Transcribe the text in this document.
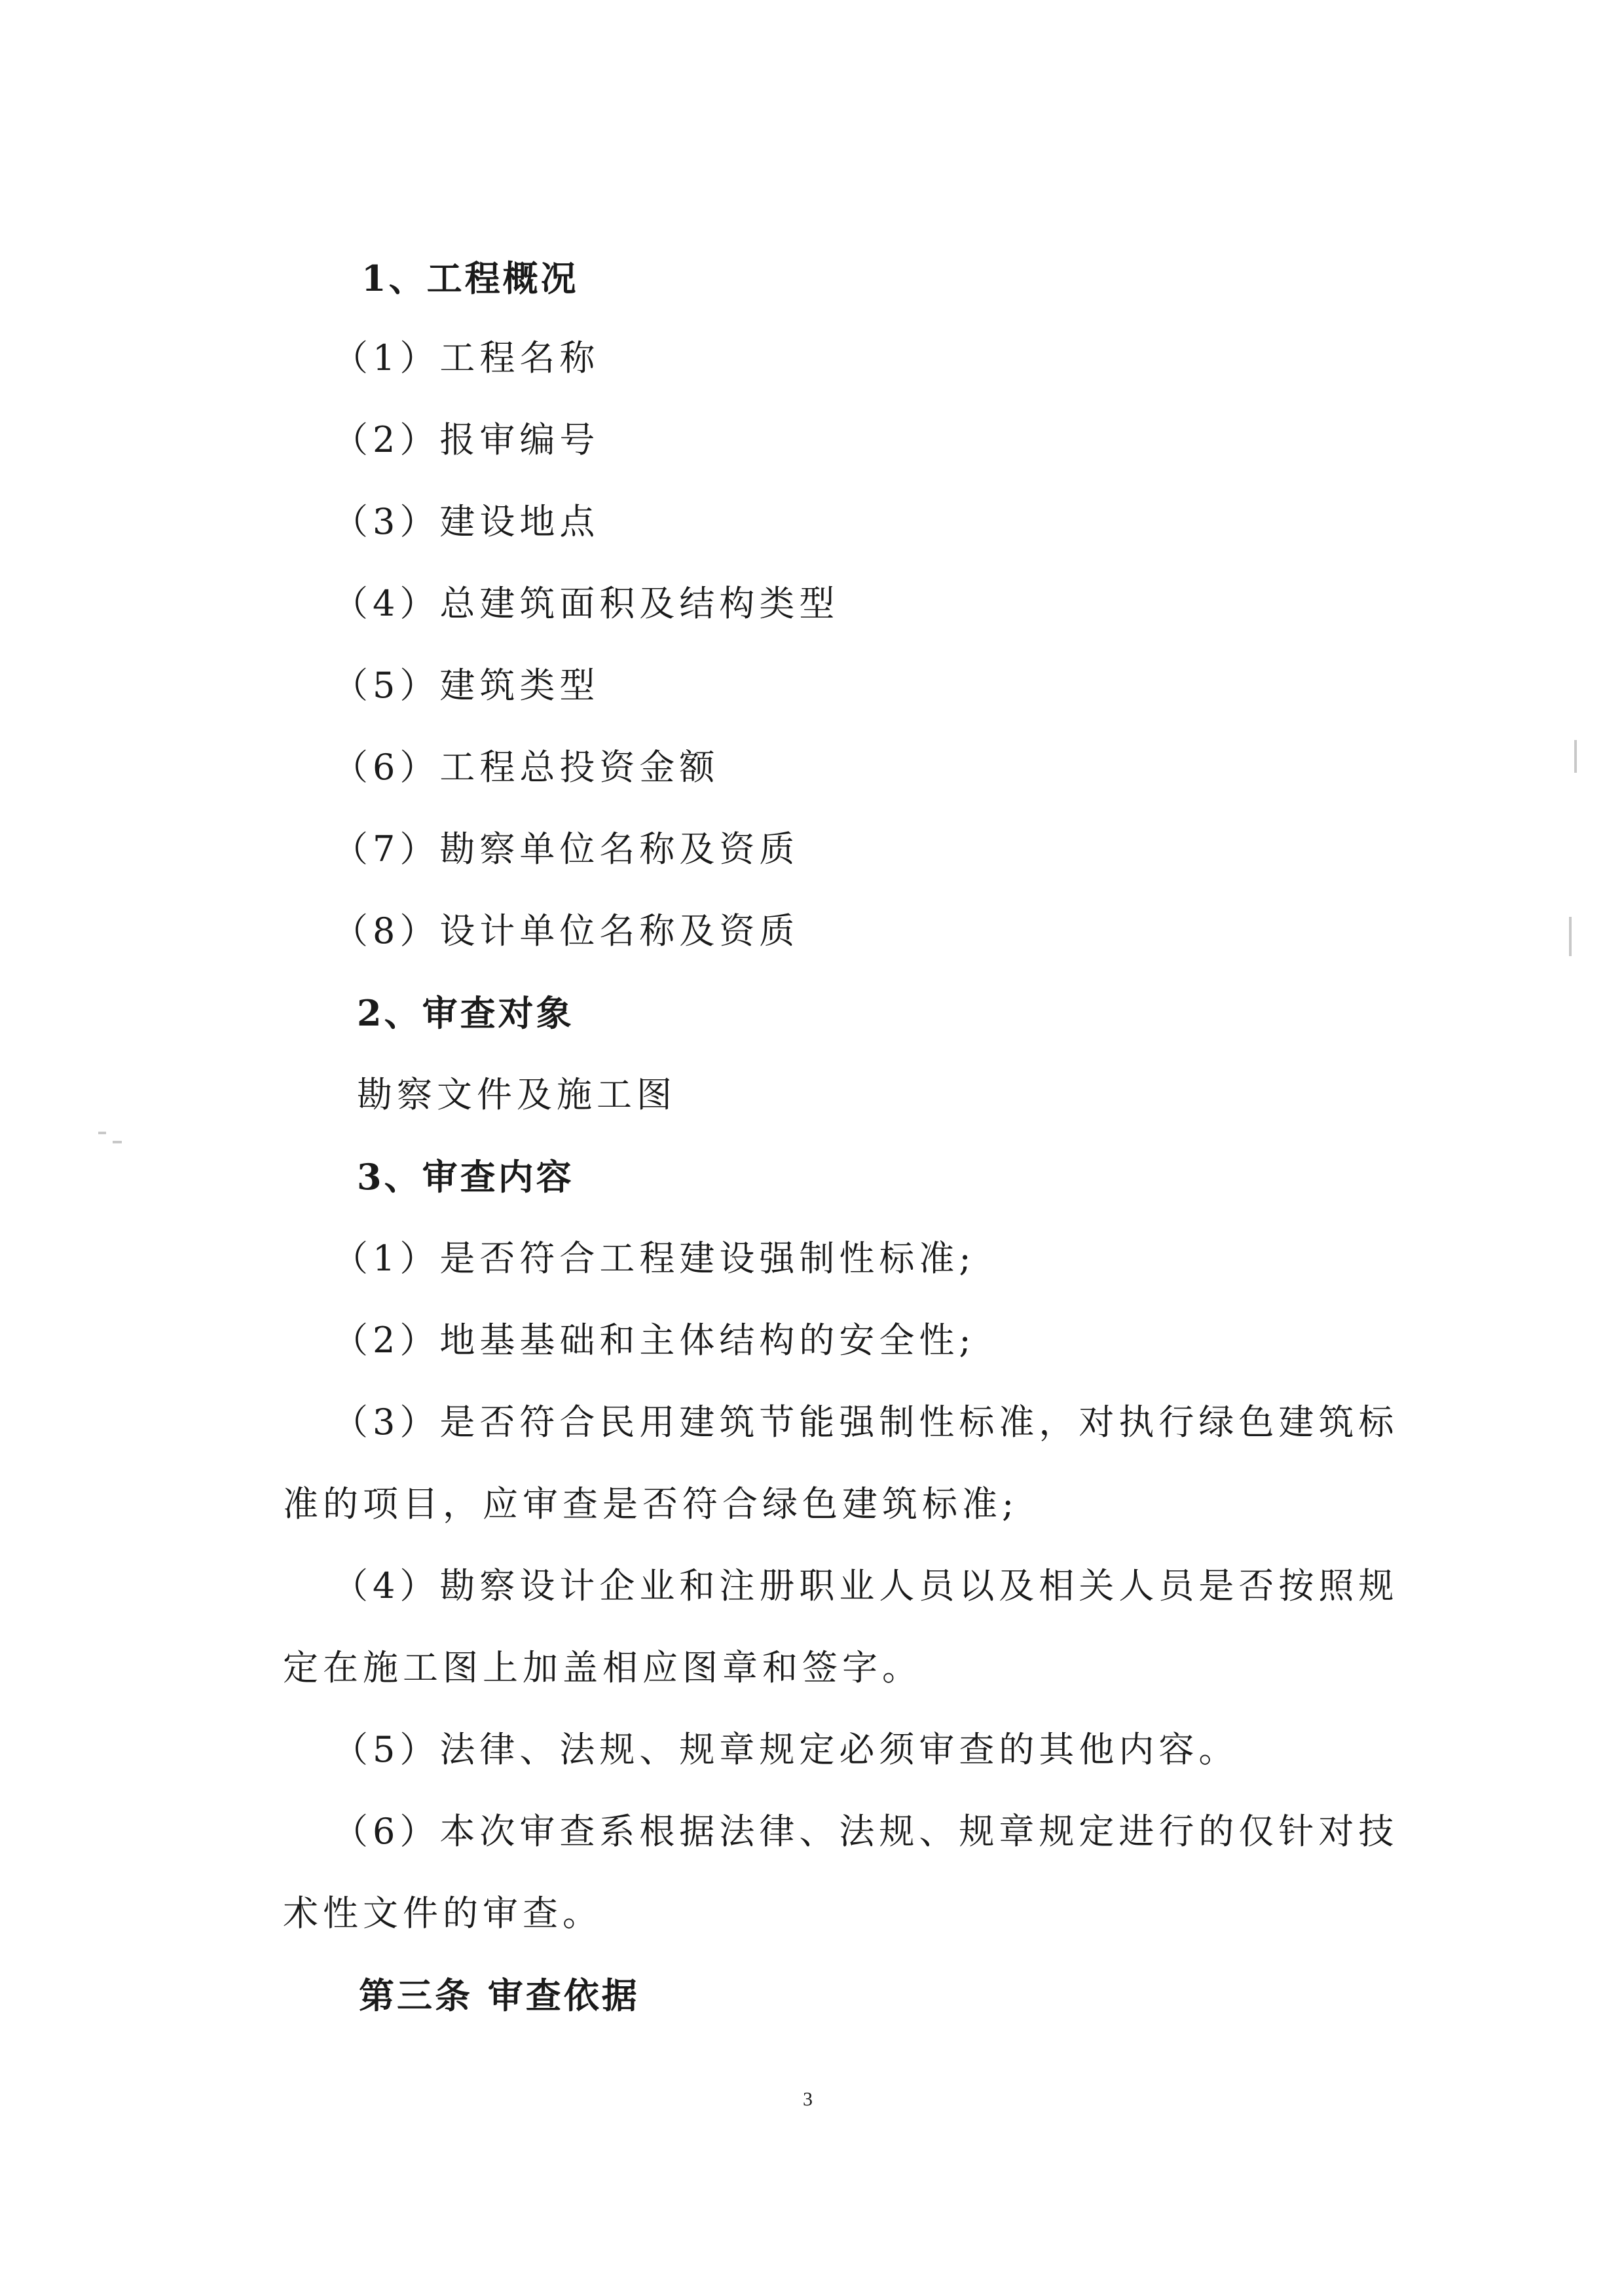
1、工程概况
（1）工程名称
（2）报审编号
（3）建设地点
（4）总建筑面积及结构类型
（5）建筑类型
（6）工程总投资金额
（7）勘察单位名称及资质
（8）设计单位名称及资质
2、审查对象
勘察文件及施工图
3、审查内容
（1）是否符合工程建设强制性标准;
（2）地基基础和主体结构的安全性;
（3）是否符合民用建筑节能强制性标准，对执行绿色建筑标
准的项目，应审查是否符合绿色建筑标准;
（4）勘察设计企业和注册职业人员以及相关人员是否按照规
定在施工图上加盖相应图章和签字。
（5）法律、法规、规章规定必须审查的其他内容。
（6）本次审查系根据法律、法规、规章规定进行的仅针对技
术性文件的审查。
第三条 审查依据
3
